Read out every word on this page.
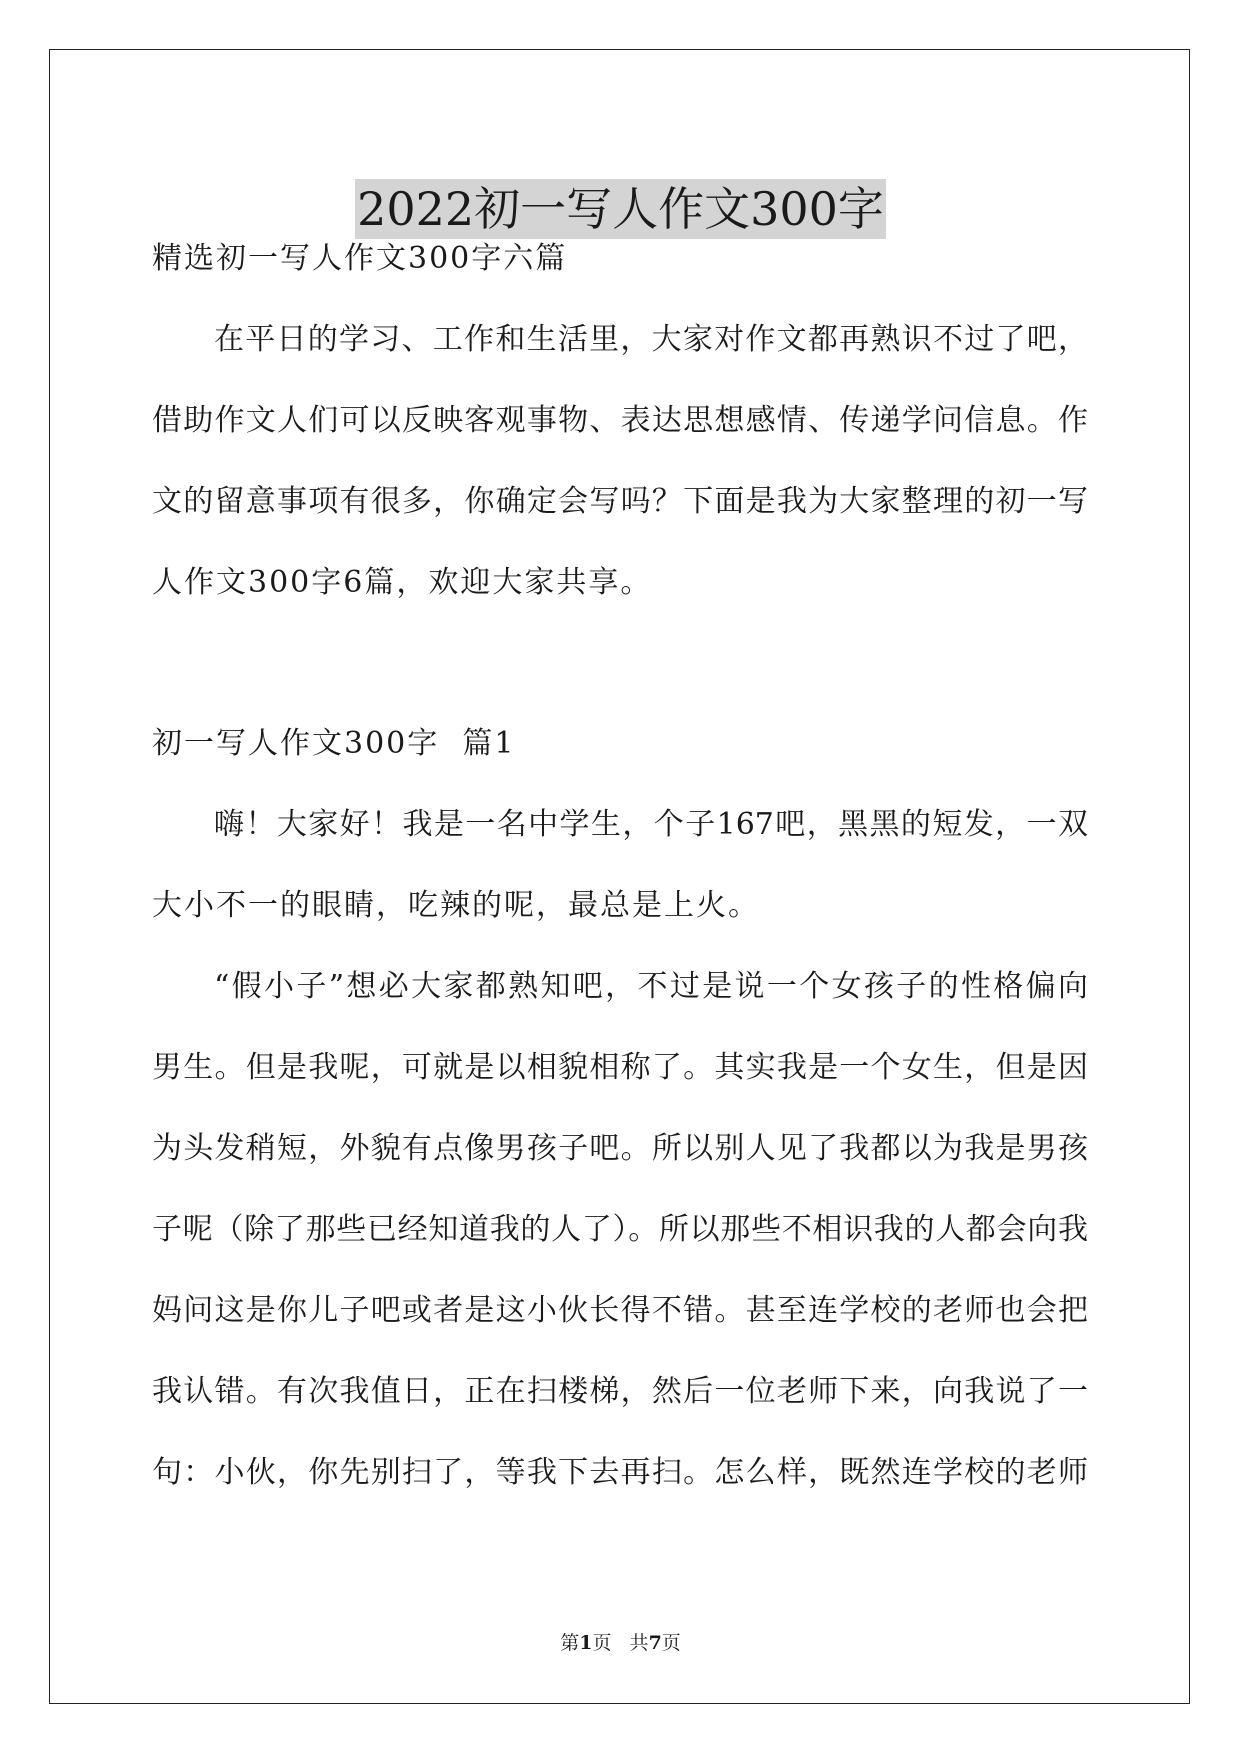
2022初一写人作文300字
精选初一写人作文300字六篇
在平日的学习、工作和生活里，大家对作文都再熟识不过了吧，
借助作文人们可以反映客观事物、表达思想感情、传递学问信息。作
文的留意事项有很多，你确定会写吗？下面是我为大家整理的初一写
人作文300字6篇，欢迎大家共享。
初一写人作文300字  篇1
嗨！大家好！我是一名中学生，个子167吧，黑黑的短发，一双
大小不一的眼睛，吃辣的呢，最总是上火。
“假小子”想必大家都熟知吧，不过是说一个女孩子的性格偏向
男生。但是我呢，可就是以相貌相称了。其实我是一个女生，但是因
为头发稍短，外貌有点像男孩子吧。所以别人见了我都以为我是男孩
子呢（除了那些已经知道我的人了）。所以那些不相识我的人都会向我
妈问这是你儿子吧或者是这小伙长得不错。甚至连学校的老师也会把
我认错。有次我值日，正在扫楼梯，然后一位老师下来，向我说了一
句：小伙，你先别扫了，等我下去再扫。怎么样，既然连学校的老师
第1页   共7页
